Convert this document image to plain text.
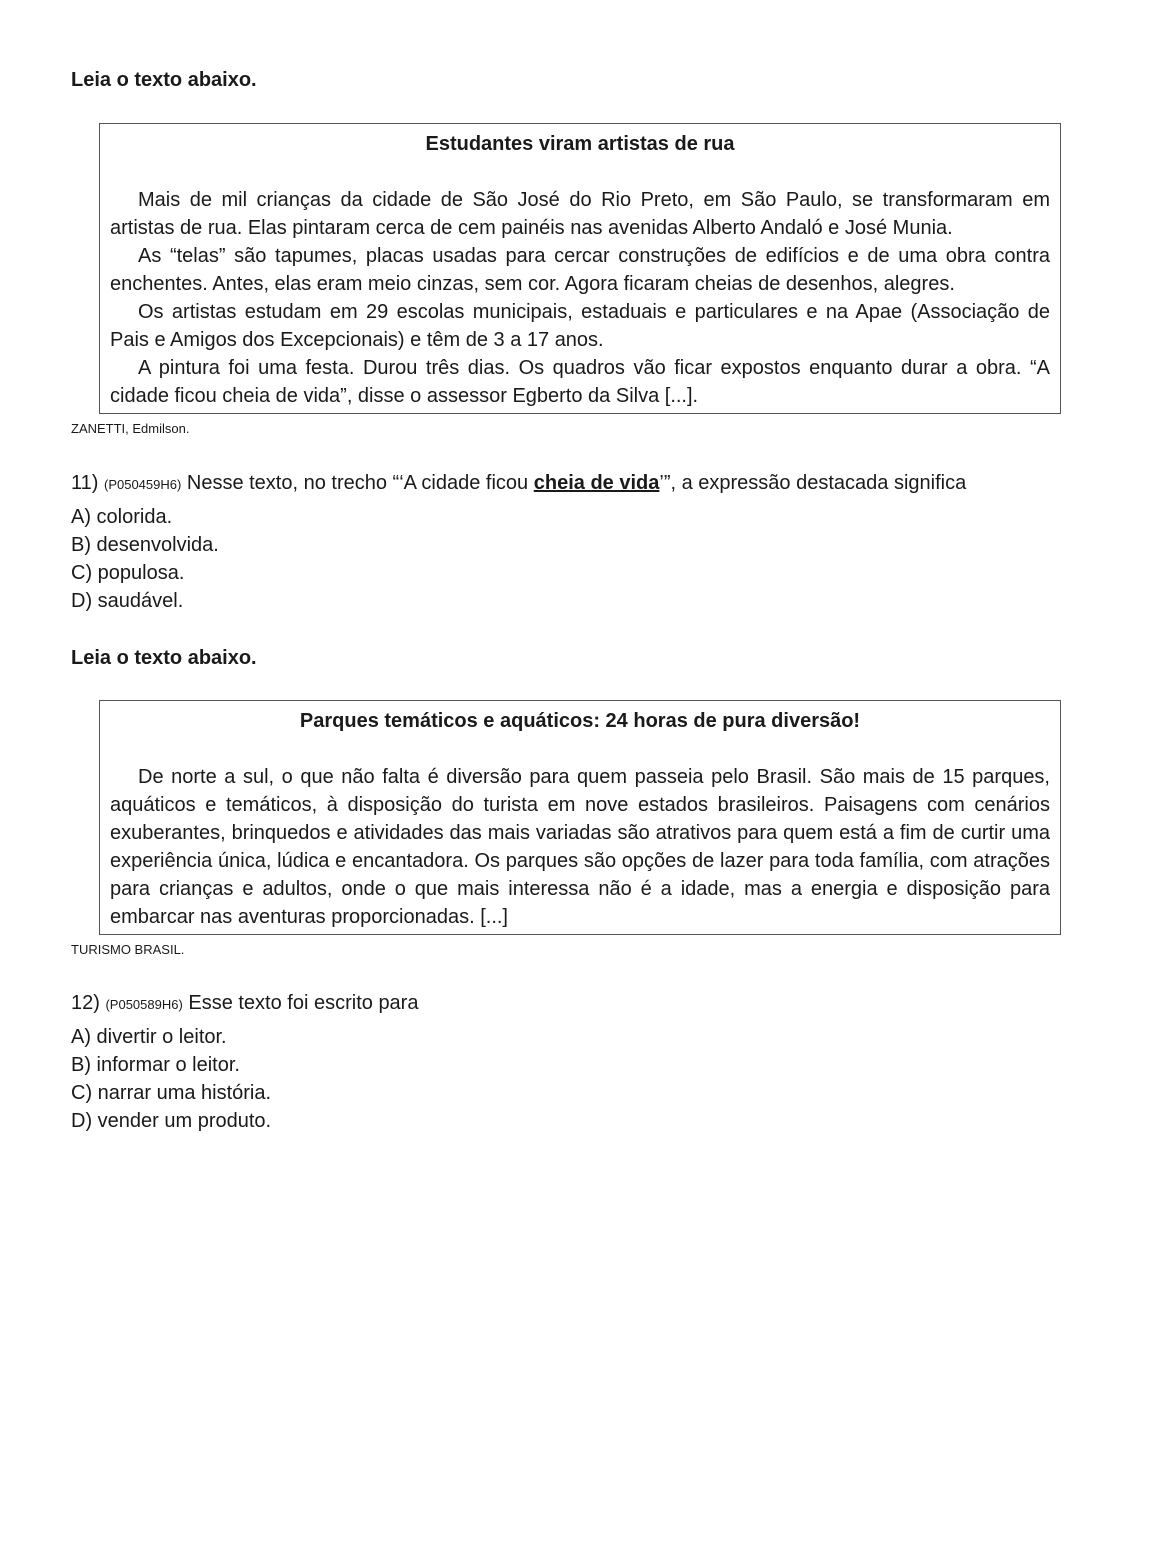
Leia o texto abaixo.

Estudantes viram artistas de rua

Mais de mil crianças da cidade de São José do Rio Preto, em São Paulo, se transformaram em artistas de rua. Elas pintaram cerca de cem painéis nas avenidas Alberto Andaló e José Munia.

As “telas” são tapumes, placas usadas para cercar construções de edifícios e de uma obra contra enchentes. Antes, elas eram meio cinzas, sem cor. Agora ficaram cheias de desenhos, alegres.

Os artistas estudam em 29 escolas municipais, estaduais e particulares e na Apae (Associação de Pais e Amigos dos Excepcionais) e têm de 3 a 17 anos.

A pintura foi uma festa. Durou três dias. Os quadros vão ficar expostos enquanto durar a obra. “A cidade ficou cheia de vida”, disse o assessor Egberto da Silva [...].

ZANETTI, Edmilson.

11) (P050459H6) Nesse texto, no trecho “‘A cidade ficou cheia de vida’”, a expressão destacada significa

A) colorida.
B) desenvolvida.
C) populosa.
D) saudável.

Leia o texto abaixo.

Parques temáticos e aquáticos: 24 horas de pura diversão!

De norte a sul, o que não falta é diversão para quem passeia pelo Brasil. São mais de 15 parques, aquáticos e temáticos, à disposição do turista em nove estados brasileiros. Paisagens com cenários exuberantes, brinquedos e atividades das mais variadas são atrativos para quem está a fim de curtir uma experiência única, lúdica e encantadora. Os parques são opções de lazer para toda família, com atrações para crianças e adultos, onde o que mais interessa não é a idade, mas a energia e disposição para embarcar nas aventuras proporcionadas. [...]

TURISMO BRASIL.

12) (P050589H6) Esse texto foi escrito para

A) divertir o leitor.
B) informar o leitor.
C) narrar uma história.
D) vender um produto.
